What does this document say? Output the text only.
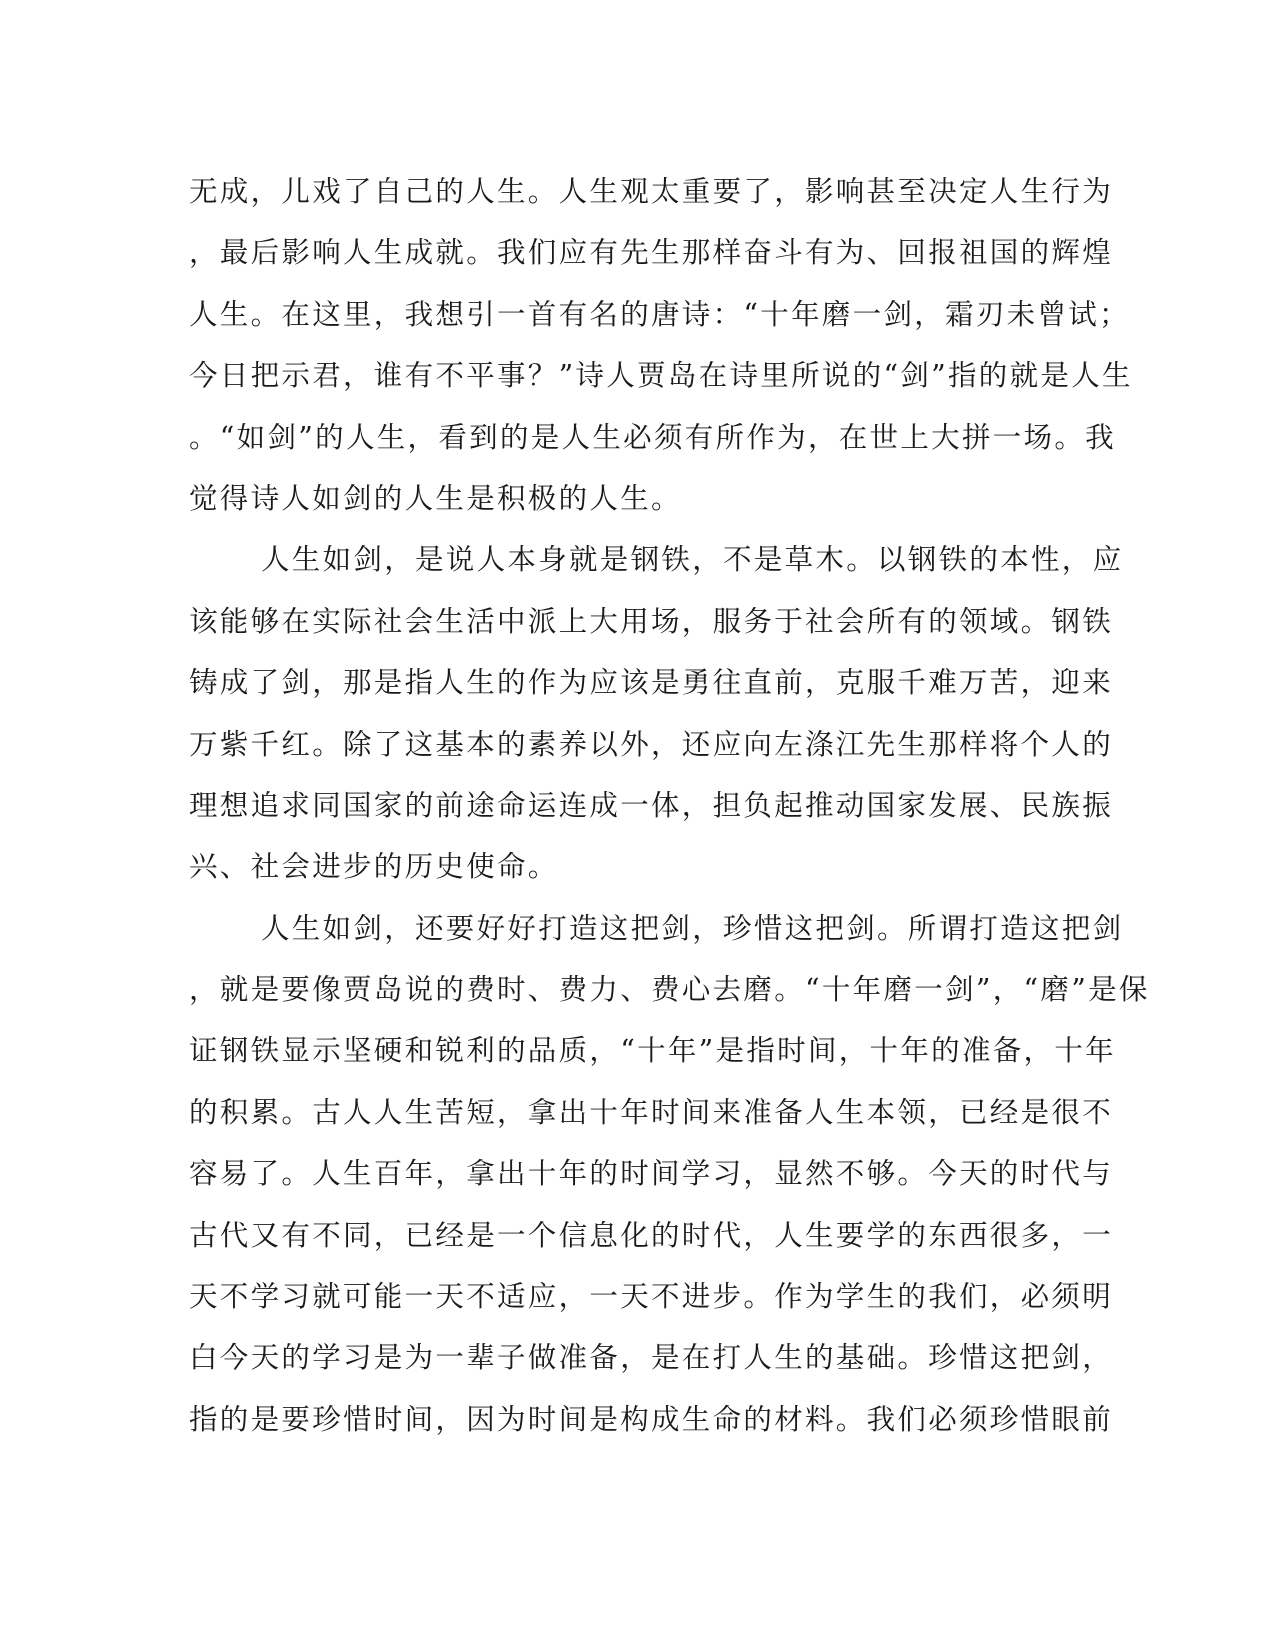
无成，儿戏了自己的人生。人生观太重要了，影响甚至决定人生行为
，最后影响人生成就。我们应有先生那样奋斗有为、回报祖国的辉煌
人生。在这里，我想引一首有名的唐诗：“十年磨一剑，霜刃未曾试；
今日把示君，谁有不平事？”诗人贾岛在诗里所说的“剑”指的就是人生
。“如剑”的人生，看到的是人生必须有所作为，在世上大拼一场。我
觉得诗人如剑的人生是积极的人生。
人生如剑，是说人本身就是钢铁，不是草木。以钢铁的本性，应
该能够在实际社会生活中派上大用场，服务于社会所有的领域。钢铁
铸成了剑，那是指人生的作为应该是勇往直前，克服千难万苦，迎来
万紫千红。除了这基本的素养以外，还应向左涤江先生那样将个人的
理想追求同国家的前途命运连成一体，担负起推动国家发展、民族振
兴、社会进步的历史使命。
人生如剑，还要好好打造这把剑，珍惜这把剑。所谓打造这把剑
，就是要像贾岛说的费时、费力、费心去磨。“十年磨一剑”，“磨”是保
证钢铁显示坚硬和锐利的品质，“十年”是指时间，十年的准备，十年
的积累。古人人生苦短，拿出十年时间来准备人生本领，已经是很不
容易了。人生百年，拿出十年的时间学习，显然不够。今天的时代与
古代又有不同，已经是一个信息化的时代，人生要学的东西很多，一
天不学习就可能一天不适应，一天不进步。作为学生的我们，必须明
白今天的学习是为一辈子做准备，是在打人生的基础。珍惜这把剑，
指的是要珍惜时间，因为时间是构成生命的材料。我们必须珍惜眼前
